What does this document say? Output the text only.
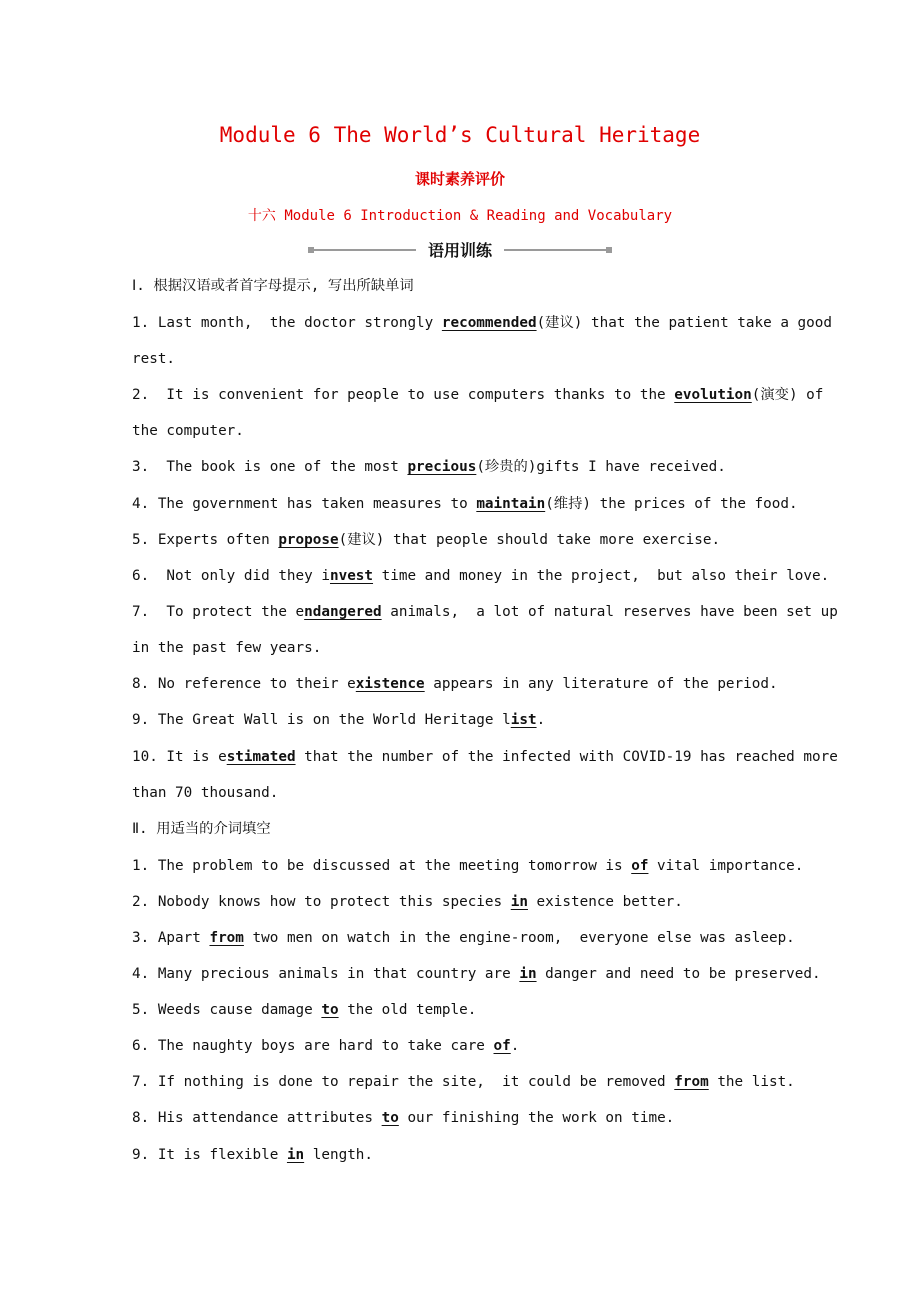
Module 6 The World’s Cultural Heritage
课时素养评价
十六 Module 6 Introduction & Reading and Vocabulary
语用训练
Ⅰ. 根据汉语或者首字母提示, 写出所缺单词
1. Last month,  the doctor strongly recommended(建议) that the patient take a good
rest.
2.  It is convenient for people to use computers thanks to the evolution(演变) of
the computer.
3.  The book is one of the most precious(珍贵的)gifts I have received.
4. The government has taken measures to maintain(维持) the prices of the food.
5. Experts often propose(建议) that people should take more exercise.
6.  Not only did they invest time and money in the project,  but also their love.
7.  To protect the endangered animals,  a lot of natural reserves have been set up
in the past few years.
8. No reference to their existence appears in any literature of the period.
9. The Great Wall is on the World Heritage list.
10. It is estimated that the number of the infected with COVID-19 has reached more
than 70 thousand.
Ⅱ. 用适当的介词填空
1. The problem to be discussed at the meeting tomorrow is of vital importance.
2. Nobody knows how to protect this species in existence better.
3. Apart from two men on watch in the engine-room,  everyone else was asleep.
4. Many precious animals in that country are in danger and need to be preserved.
5. Weeds cause damage to the old temple.
6. The naughty boys are hard to take care of.
7. If nothing is done to repair the site,  it could be removed from the list.
8. His attendance attributes to our finishing the work on time.
9. It is flexible in length.
